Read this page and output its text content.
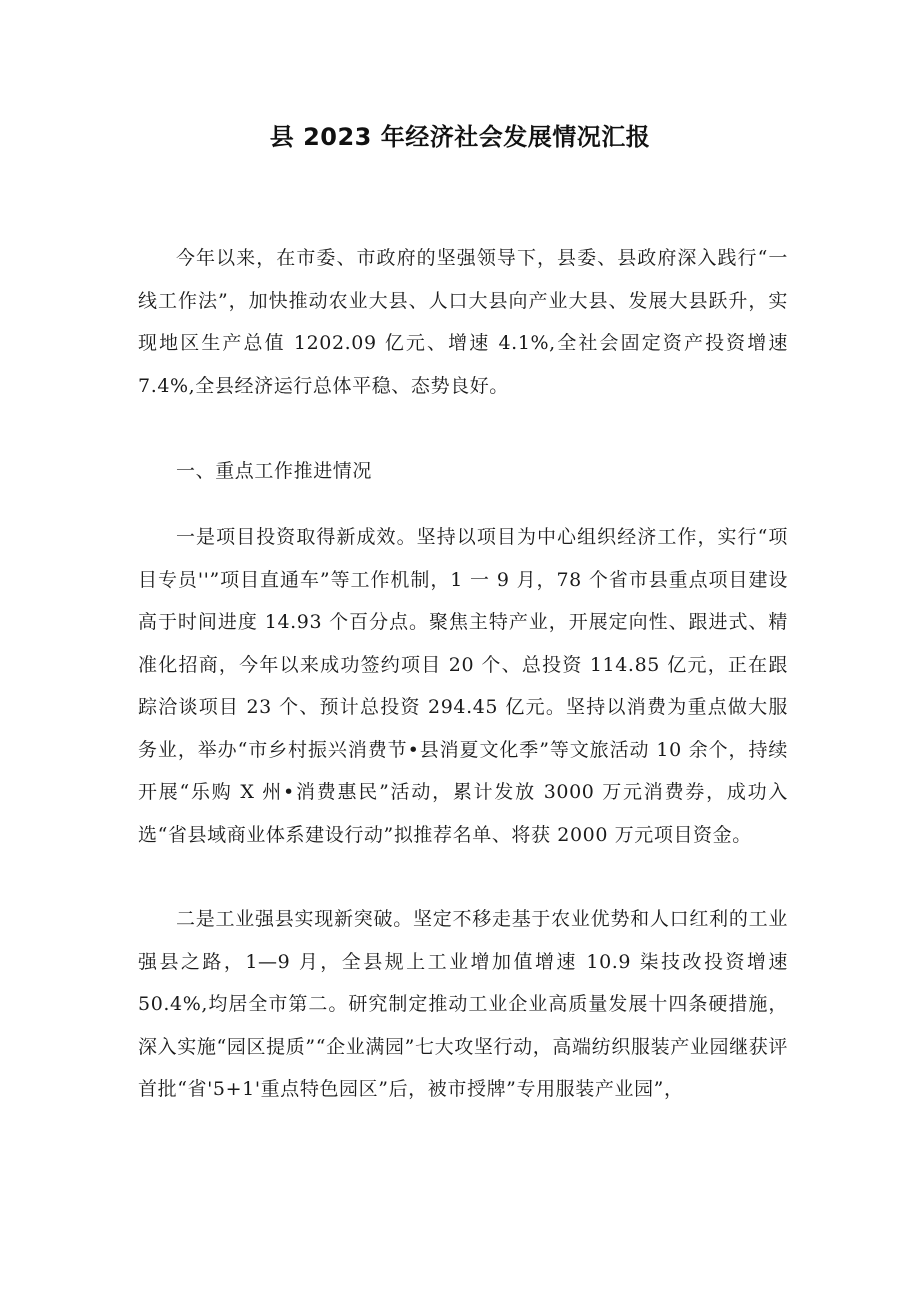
县 2023 年经济社会发展情况汇报

今年以来，在市委、市政府的坚强领导下，县委、县政府深入践行“一线工作法”，加快推动农业大县、人口大县向产业大县、发展大县跃升，实现地区生产总值 1202.09 亿元、增速 4.1%,全社会固定资产投资增速 7.4%,全县经济运行总体平稳、态势良好。

一、重点工作推进情况

一是项目投资取得新成效。坚持以项目为中心组织经济工作，实行“项目专员''”项目直通车”等工作机制，1 一 9 月，78 个省市县重点项目建设高于时间进度 14.93 个百分点。聚焦主特产业，开展定向性、跟进式、精准化招商，今年以来成功签约项目 20 个、总投资 114.85 亿元，正在跟踪洽谈项目 23 个、预计总投资 294.45 亿元。坚持以消费为重点做大服务业，举办“市乡村振兴消费节•县消夏文化季”等文旅活动 10 余个，持续开展“乐购 X 州•消费惠民”活动，累计发放 3000 万元消费券，成功入选“省县域商业体系建设行动”拟推荐名单、将获 2000 万元项目资金。

二是工业强县实现新突破。坚定不移走基于农业优势和人口红利的工业强县之路，1—9 月，全县规上工业增加值增速 10.9 柒技改投资增速 50.4%,均居全市第二。研究制定推动工业企业高质量发展十四条硬措施，深入实施“园区提质”“企业满园”七大攻坚行动，高端纺织服装产业园继获评首批“省'5+1'重点特色园区”后，被市授牌”专用服装产业园”，
